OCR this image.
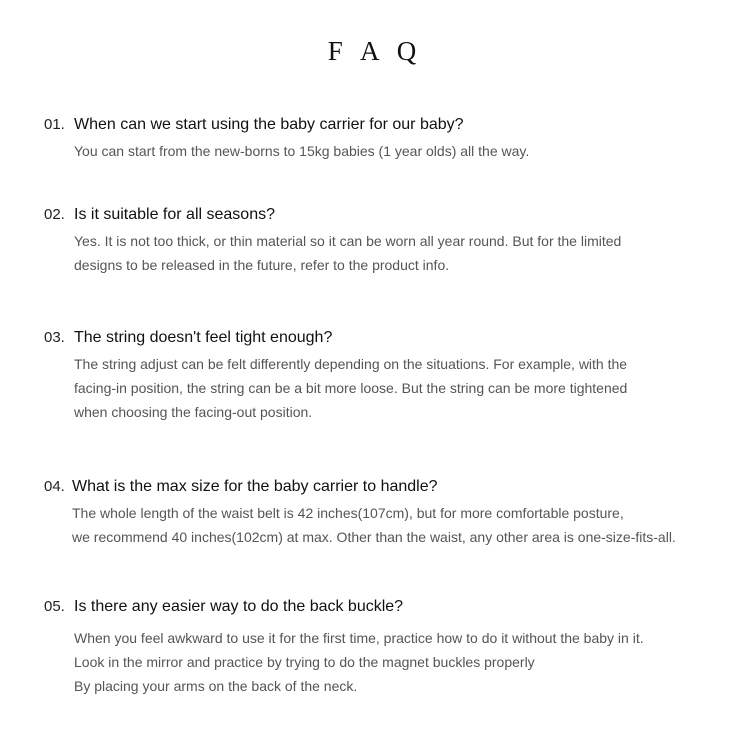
F A Q
01. When can we start using the baby carrier for our baby?
You can start from the new-borns to 15kg babies (1 year olds) all the way.
02. Is it suitable for all seasons?
Yes. It is not too thick, or thin material so it can be worn all year round. But for the limited
designs to be released in the future, refer to the product info.
03. The string doesn't feel tight enough?
The string adjust can be felt differently depending on the situations. For example, with the
facing-in position, the string can be a bit more loose. But the string can be more tightened
when choosing the facing-out position.
04. What is the max size for the baby carrier to handle?
The whole length of the waist belt is 42 inches(107cm), but for more comfortable posture,
we recommend 40 inches(102cm) at max. Other than the waist, any other area is one-size-fits-all.
05. Is there any easier way to do the back buckle?
When you feel awkward to use it for the first time, practice how to do it without the baby in it.
Look in the mirror and practice by trying to do the magnet buckles properly
By placing your arms on the back of the neck.
